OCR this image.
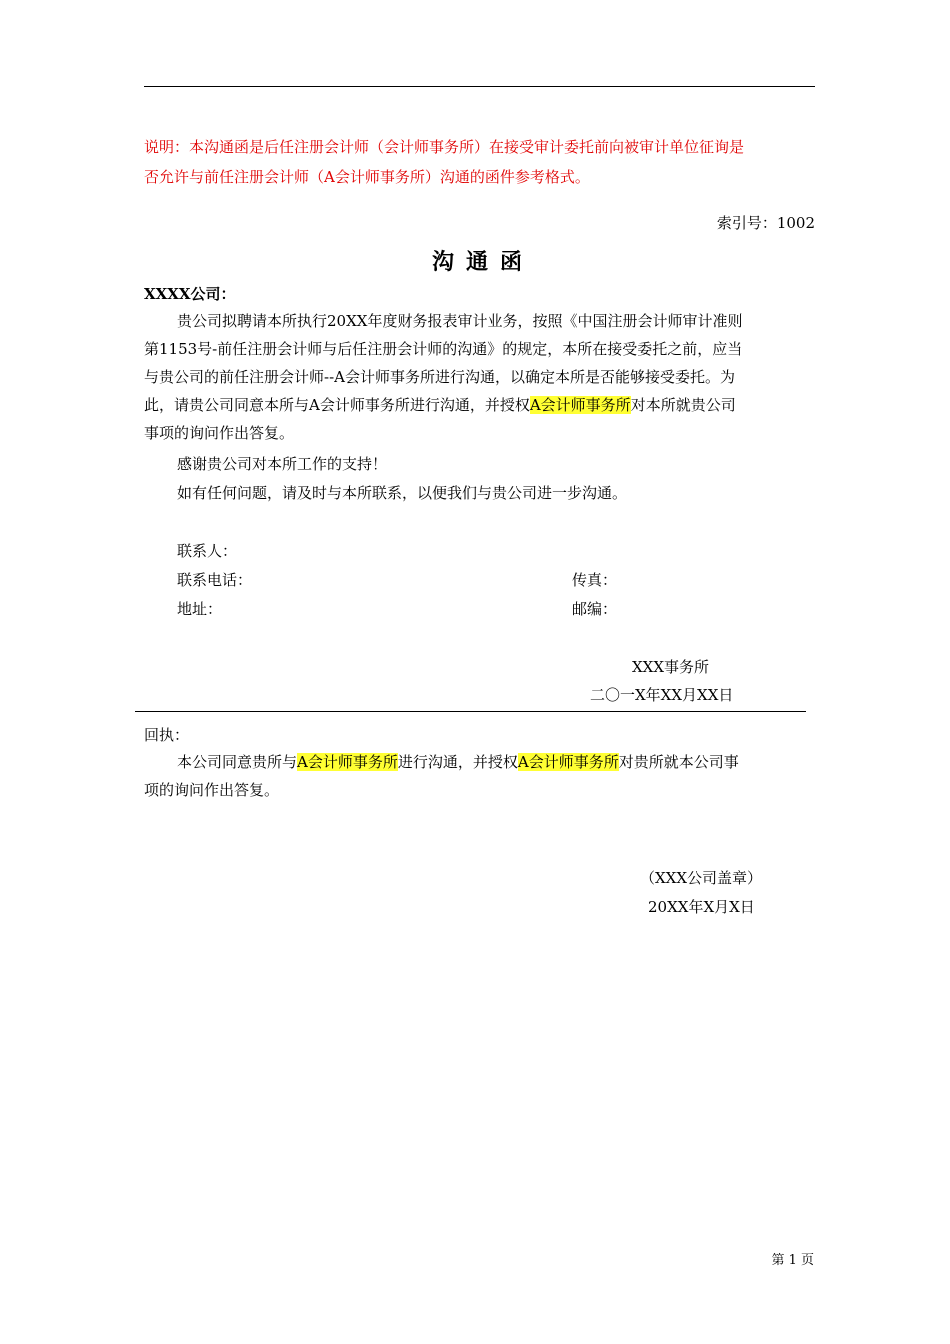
说明：本沟通函是后任注册会计师（会计师事务所）在接受审计委托前向被审计单位征询是
否允许与前任注册会计师（A会计师事务所）沟通的函件参考格式。
索引号：1002
沟通函
XXXX公司：
贵公司拟聘请本所执行20XX年度财务报表审计业务，按照《中国注册会计师审计准则
第1153号-前任注册会计师与后任注册会计师的沟通》的规定，本所在接受委托之前，应当
与贵公司的前任注册会计师--A会计师事务所进行沟通，以确定本所是否能够接受委托。为
此，请贵公司同意本所与A会计师事务所进行沟通，并授权A会计师事务所对本所就贵公司
事项的询问作出答复。
感谢贵公司对本所工作的支持！
如有任何问题，请及时与本所联系，以便我们与贵公司进一步沟通。
联系人：
联系电话：	传真：
地址：	邮编：
XXX事务所
二〇一X年XX月XX日
回执：
本公司同意贵所与A会计师事务所进行沟通，并授权A会计师事务所对贵所就本公司事
项的询问作出答复。
（XXX公司盖章）
20XX年X月X日
第 1 页
